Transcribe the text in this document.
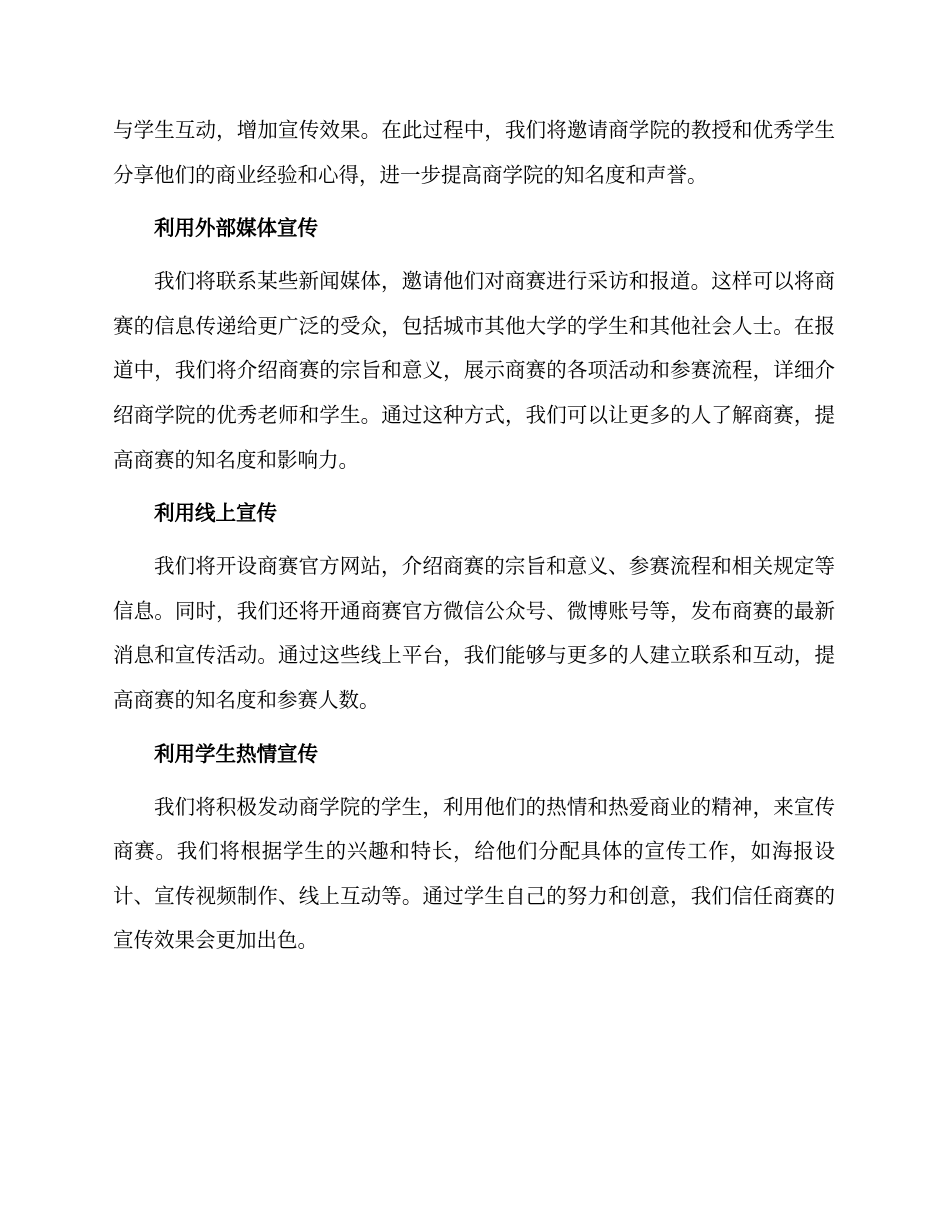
与学生互动，增加宣传效果。在此过程中，我们将邀请商学院的教授和优秀学生分享他们的商业经验和心得，进一步提高商学院的知名度和声誉。

利用外部媒体宣传

我们将联系某些新闻媒体，邀请他们对商赛进行采访和报道。这样可以将商赛的信息传递给更广泛的受众，包括城市其他大学的学生和其他社会人士。在报道中，我们将介绍商赛的宗旨和意义，展示商赛的各项活动和参赛流程，详细介绍商学院的优秀老师和学生。通过这种方式，我们可以让更多的人了解商赛，提高商赛的知名度和影响力。

利用线上宣传

我们将开设商赛官方网站，介绍商赛的宗旨和意义、参赛流程和相关规定等信息。同时，我们还将开通商赛官方微信公众号、微博账号等，发布商赛的最新消息和宣传活动。通过这些线上平台，我们能够与更多的人建立联系和互动，提高商赛的知名度和参赛人数。

利用学生热情宣传

我们将积极发动商学院的学生，利用他们的热情和热爱商业的精神，来宣传商赛。我们将根据学生的兴趣和特长，给他们分配具体的宣传工作，如海报设计、宣传视频制作、线上互动等。通过学生自己的努力和创意，我们信任商赛的宣传效果会更加出色。
